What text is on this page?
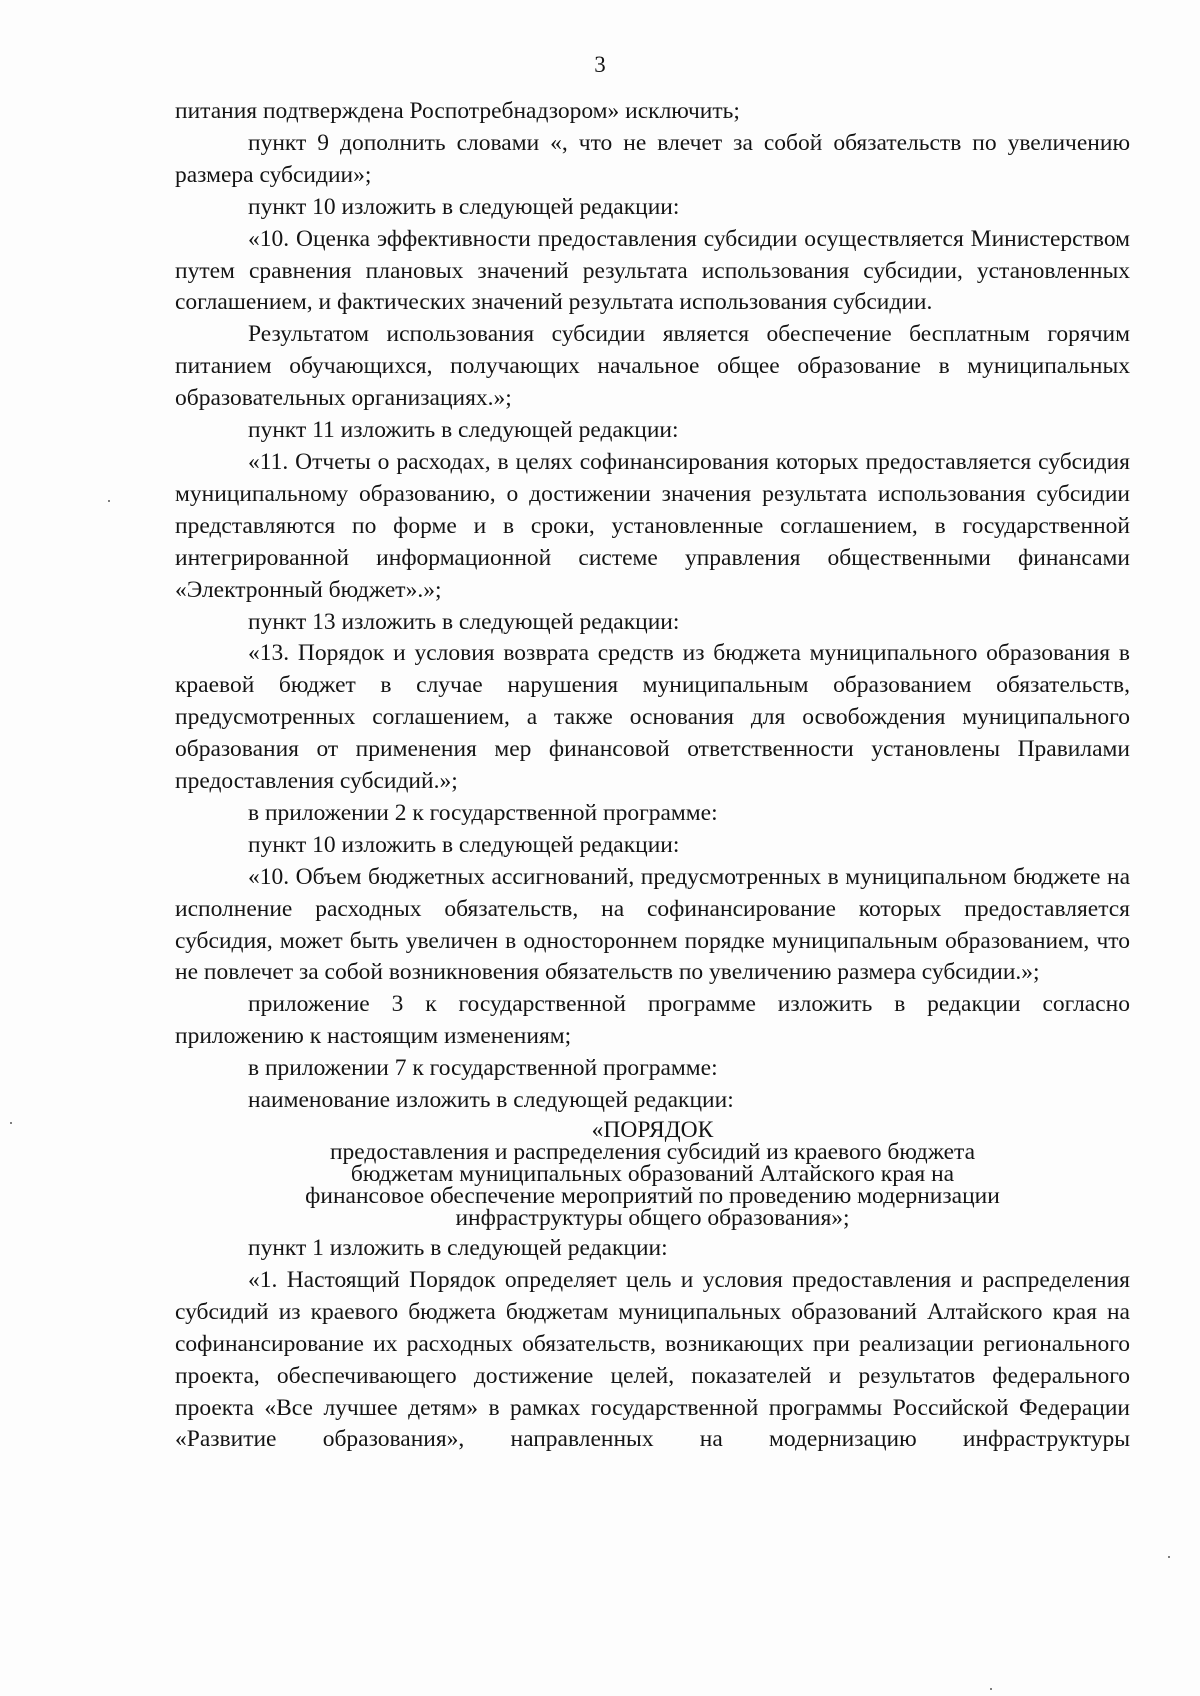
3

питания подтверждена Роспотребнадзором» исключить;

пункт 9 дополнить словами «, что не влечет за собой обязательств по увеличению размера субсидии»;

пункт 10 изложить в следующей редакции:

«10. Оценка эффективности предоставления субсидии осуществляется Министерством путем сравнения плановых значений результата использования субсидии, установленных соглашением, и фактических значений результата использования субсидии.

Результатом использования субсидии является обеспечение бесплатным горячим питанием обучающихся, получающих начальное общее образование в муниципальных образовательных организациях.»;

пункт 11 изложить в следующей редакции:

«11. Отчеты о расходах, в целях софинансирования которых предоставляется субсидия муниципальному образованию, о достижении значения результата использования субсидии представляются по форме и в сроки, установленные соглашением, в государственной интегрированной информационной системе управления общественными финансами «Электронный бюджет».»;

пункт 13 изложить в следующей редакции:

«13. Порядок и условия возврата средств из бюджета муниципального образования в краевой бюджет в случае нарушения муниципальным образованием обязательств, предусмотренных соглашением, а также основания для освобождения муниципального образования от применения мер финансовой ответственности установлены Правилами предоставления субсидий.»;

в приложении 2 к государственной программе:

пункт 10 изложить в следующей редакции:

«10. Объем бюджетных ассигнований, предусмотренных в муниципальном бюджете на исполнение расходных обязательств, на софинансирование которых предоставляется субсидия, может быть увеличен в одностороннем порядке муниципальным образованием, что не повлечет за собой возникновения обязательств по увеличению размера субсидии.»;

приложение 3 к государственной программе изложить в редакции согласно приложению к настоящим изменениям;

в приложении 7 к государственной программе:

наименование изложить в следующей редакции:

«ПОРЯДОК
предоставления и распределения субсидий из краевого бюджета
бюджетам муниципальных образований Алтайского края на
финансовое обеспечение мероприятий по проведению модернизации
инфраструктуры общего образования»;

пункт 1 изложить в следующей редакции:

«1. Настоящий Порядок определяет цель и условия предоставления и распределения субсидий из краевого бюджета бюджетам муниципальных образований Алтайского края на софинансирование их расходных обязательств, возникающих при реализации регионального проекта, обеспечивающего достижение целей, показателей и результатов федерального проекта «Все лучшее детям» в рамках государственной программы Российской Федерации «Развитие образования», направленных на модернизацию инфраструктуры
